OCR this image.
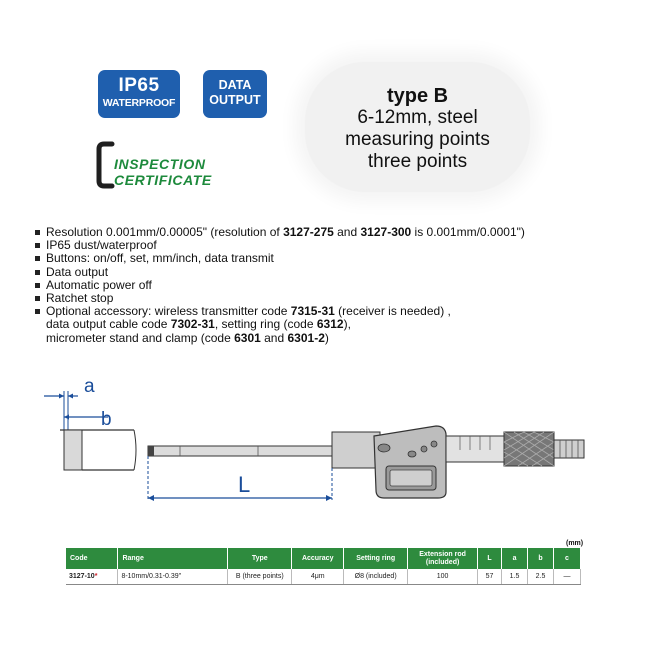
IP65
WATERPROOF
DATA
OUTPUT
INSPECTION
CERTIFICATE
type B
6-12mm, steel
measuring points
three points
Resolution 0.001mm/0.00005" (resolution of 3127-275 and 3127-300 is 0.001mm/0.0001")
IP65 dust/waterproof
Buttons: on/off, set, mm/inch, data transmit
Data output
Automatic power off
Ratchet stop
Optional accessory: wireless transmitter code 7315-31 (receiver is needed) ,
data output cable code 7302-31, setting ring (code 6312),
micrometer stand and clamp (code 6301 and 6301-2)
a
b
L
(mm)
Code	Range	Type	Accuracy	Setting ring	Extension rod (included)	L	a	b	c
3127-10*	8-10mm/0.31-0.39"	B (three points)	4μm	Ø8 (included)	100	57	1.5	2.5	—
